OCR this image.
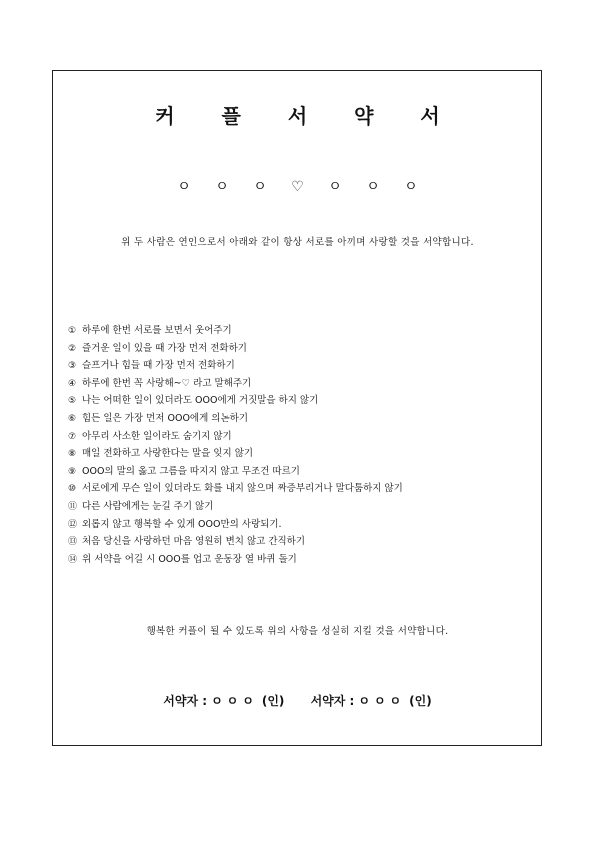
커 플 서 약 서
ㅇ ㅇ ㅇ ♡ ㅇ ㅇ ㅇ
위 두 사람은 연인으로서 아래와 같이 항상 서로를 아끼며 사랑할 것을 서약합니다.
① 하루에 한번 서로를 보면서 웃어주기
② 즐거운 일이 있을 때 가장 먼저 전화하기
③ 슬프거나 힘들 때 가장 먼저 전화하기
④ 하루에 한번 꼭 사랑해~♡ 라고 말해주기
⑤ 나는 어떠한 일이 있더라도 OOO에게 거짓말을 하지 않기
⑥ 힘든 일은 가장 먼저 OOO에게 의논하기
⑦ 아무리 사소한 일이라도 숨기지 않기
⑧ 매일 전화하고 사랑한다는 말을 잊지 않기
⑨ OOO의 말의 옳고 그름을 따지지 않고 무조건 따르기
⑩ 서로에게 무슨 일이 있더라도 화를 내지 않으며 짜증부리거나 말다툼하지 않기
⑪ 다른 사람에게는 눈길 주기 않기
⑫ 외롭지 않고 행복할 수 있게 OOO만의 사랑되기.
⑬ 처음 당신을 사랑하던 마음 영원히 변치 않고 간직하기
⑭ 위 서약을 어길 시 OOO를 업고 운동장 열 바퀴 돌기
행복한 커플이 될 수 있도록 위의 사항을 성실히 지킬 것을 서약합니다.
서약자 : ㅇㅇㅇ (인) 서약자 : ㅇㅇㅇ (인)
